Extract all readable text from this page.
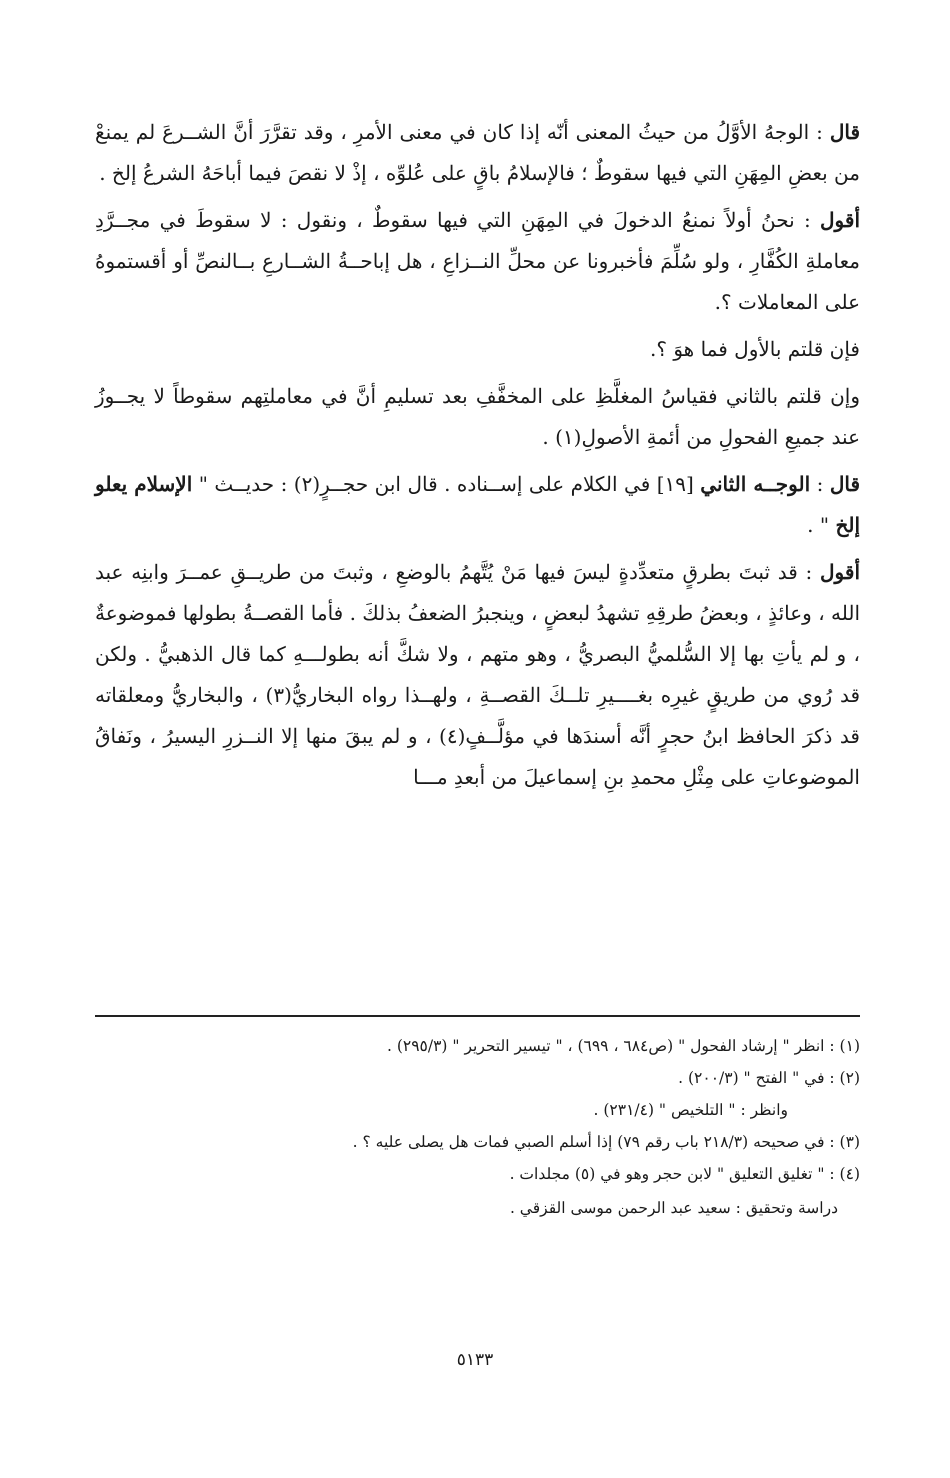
قال : الوجهُ الأوَّلُ من حيثُ المعنى أنّه إذا كان في معنى الأمرِ ، وقد تقرَّرَ أنَّ الشــرعَ لم يمنعْ من بعضِ المِهَنِ التي فيها سقوطٌ ؛ فالإسلامُ باقٍ على عُلوِّه ، إذْ لا نقصَ فيما أباحَهُ الشرعُ إلخ .

أقول : نحنُ أولاً نمنعُ الدخولَ في المِهَنِ التي فيها سقوطٌ ، ونقول : لا سقوطَ في مجــرَّدِ معاملةِ الكُفَّارِ ، ولو سُلِّمَ فأخبرونا عن محلِّ النــزاعِ ، هل إباحــةُ الشــارعِ بــالنصِّ أو أقستموهُ على المعاملات ؟.

فإن قلتم بالأول فما هوَ ؟.

وإن قلتم بالثاني فقياسُ المغلَّظِ على المخفَّفِ بعد تسليمِ أنَّ في معاملتِهم سقوطاً لا يجــوزُ عند جميعِ الفحولِ من أئمةِ الأصولِ(١) .

قال : الوجــه الثاني [١٩] في الكلام على إســناده . قال ابن حجــرٍ(٢) : حديــث " الإسلام يعلو إلخ " .

أقول : قد ثبتَ بطرقٍ متعدِّدةٍ ليسَ فيها مَنْ يُتَّهمُ بالوضعِ ، وثبتَ من طريــقِ عمــرَ وابنِه عبد الله ، وعائذٍ ، وبعضُ طرقِهِ تشهدُ لبعضٍ ، وينجبرُ الضعفُ بذلكَ . فأما القصــةُ بطولها فموضوعةٌ ، و لم يأتِ بها إلا السُّلميُّ البصريُّ ، وهو متهم ، ولا شكَّ أنه بطولـــهِ كما قال الذهبيُّ . ولكن قد رُوي من طريقٍ غيرِه بغــــيرِ تلــكَ القصــةِ ، ولهــذا رواه البخاريُّ(٣) ، والبخاريُّ ومعلقاته قد ذكرَ الحافظ ابنُ حجرٍ أنَّه أسندَها في مؤلَّــفٍ(٤) ، و لم يبقَ منها إلا النــزرِ اليسيرُ ، ونَفاقُ الموضوعاتِ على مِثْلِ محمدِ بنِ إسماعيلَ من أبعدِ مـــا

(١) : انظر " إرشاد الفحول " (ص٦٨٤ ، ٦٩٩) ، " تيسير التحرير " (٢٩٥/٣) .

(٢) : في " الفتح " (٢٠٠/٣) .

وانظر : " التلخيص " (٢٣١/٤) .

(٣) : في صحيحه (٢١٨/٣ باب رقم ٧٩) إذا أسلم الصبي فمات هل يصلى عليه ؟ .

(٤) : " تغليق التعليق " لابن حجر وهو في (٥) مجلدات .

دراسة وتحقيق : سعيد عبد الرحمن موسى القزقي .

٥١٣٣
